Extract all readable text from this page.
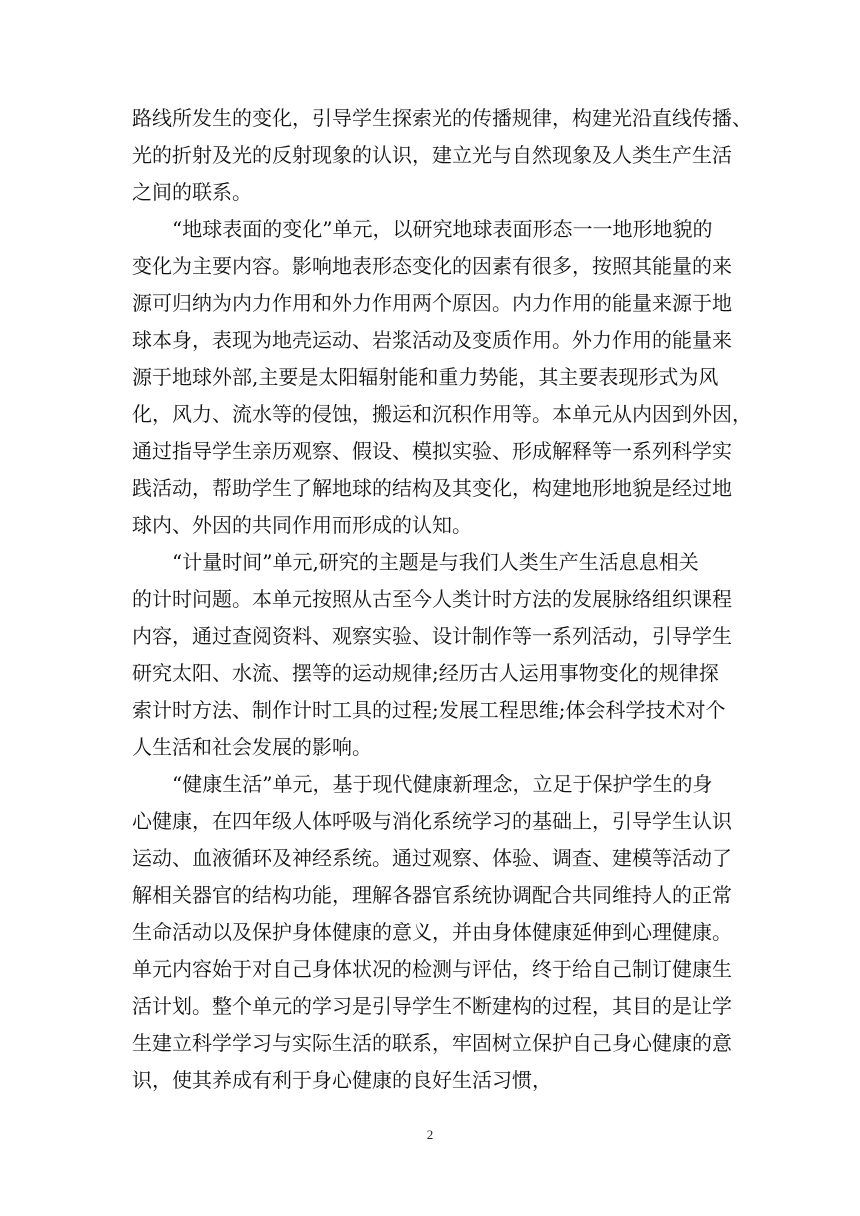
路线所发生的变化，引导学生探索光的传播规律，构建光沿直线传播、
光的折射及光的反射现象的认识，建立光与自然现象及人类生产生活
之间的联系。
“地球表面的变化”单元，以研究地球表面形态一一地形地貌的
变化为主要内容。影响地表形态变化的因素有很多，按照其能量的来
源可归纳为内力作用和外力作用两个原因。内力作用的能量来源于地
球本身，表现为地壳运动、岩浆活动及变质作用。外力作用的能量来
源于地球外部,主要是太阳辐射能和重力势能，其主要表现形式为风
化，风力、流水等的侵蚀，搬运和沉积作用等。本单元从内因到外因，
通过指导学生亲历观察、假设、模拟实验、形成解释等一系列科学实
践活动，帮助学生了解地球的结构及其变化，构建地形地貌是经过地
球内、外因的共同作用而形成的认知。
“计量时间”单元,研究的主题是与我们人类生产生活息息相关
的计时问题。本单元按照从古至今人类计时方法的发展脉络组织课程
内容，通过查阅资料、观察实验、设计制作等一系列活动，引导学生
研究太阳、水流、摆等的运动规律;经历古人运用事物变化的规律探
索计时方法、制作计时工具的过程;发展工程思维;体会科学技术对个
人生活和社会发展的影响。
“健康生活”单元，基于现代健康新理念，立足于保护学生的身
心健康，在四年级人体呼吸与消化系统学习的基础上，引导学生认识
运动、血液循环及神经系统。通过观察、体验、调查、建模等活动了
解相关器官的结构功能，理解各器官系统协调配合共同维持人的正常
生命活动以及保护身体健康的意义，并由身体健康延伸到心理健康。
单元内容始于对自己身体状况的检测与评估，终于给自己制订健康生
活计划。整个单元的学习是引导学生不断建构的过程，其目的是让学
生建立科学学习与实际生活的联系，牢固树立保护自己身心健康的意
识，使其养成有利于身心健康的良好生活习惯，
2
